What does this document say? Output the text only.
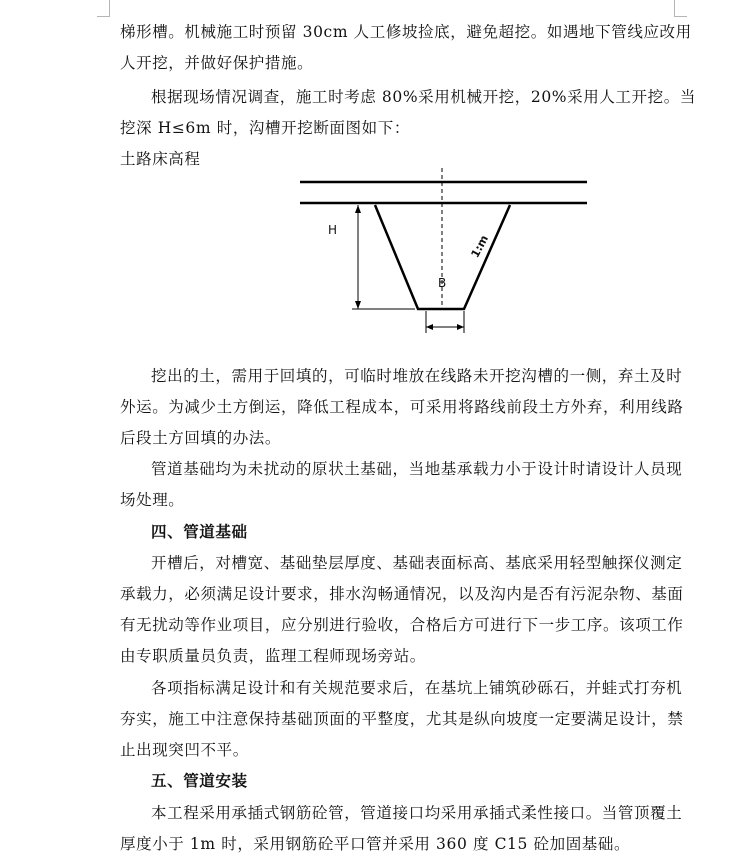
梯形槽。机械施工时预留 30cm 人工修坡捡底，避免超挖。如遇地下管线应改用
人开挖，并做好保护措施。
根据现场情况调查，施工时考虑 80%采用机械开挖，20%采用人工开挖。当
挖深 H≤6m 时，沟槽开挖断面图如下：
土路床高程
H
B
1:m
挖出的土，需用于回填的，可临时堆放在线路未开挖沟槽的一侧，弃土及时
外运。为减少土方倒运，降低工程成本，可采用将路线前段土方外弃，利用线路
后段土方回填的办法。
管道基础均为未扰动的原状土基础，当地基承载力小于设计时请设计人员现
场处理。
四、管道基础
开槽后，对槽宽、基础垫层厚度、基础表面标高、基底采用轻型触探仪测定
承载力，必须满足设计要求，排水沟畅通情况，以及沟内是否有污泥杂物、基面
有无扰动等作业项目，应分别进行验收，合格后方可进行下一步工序。该项工作
由专职质量员负责，监理工程师现场旁站。
各项指标满足设计和有关规范要求后，在基坑上铺筑砂砾石，并蛙式打夯机
夯实，施工中注意保持基础顶面的平整度，尤其是纵向坡度一定要满足设计，禁
止出现突凹不平。
五、管道安装
本工程采用承插式钢筋砼管，管道接口均采用承插式柔性接口。当管顶覆土
厚度小于 1m 时，采用钢筋砼平口管并采用 360 度 C15 砼加固基础。
